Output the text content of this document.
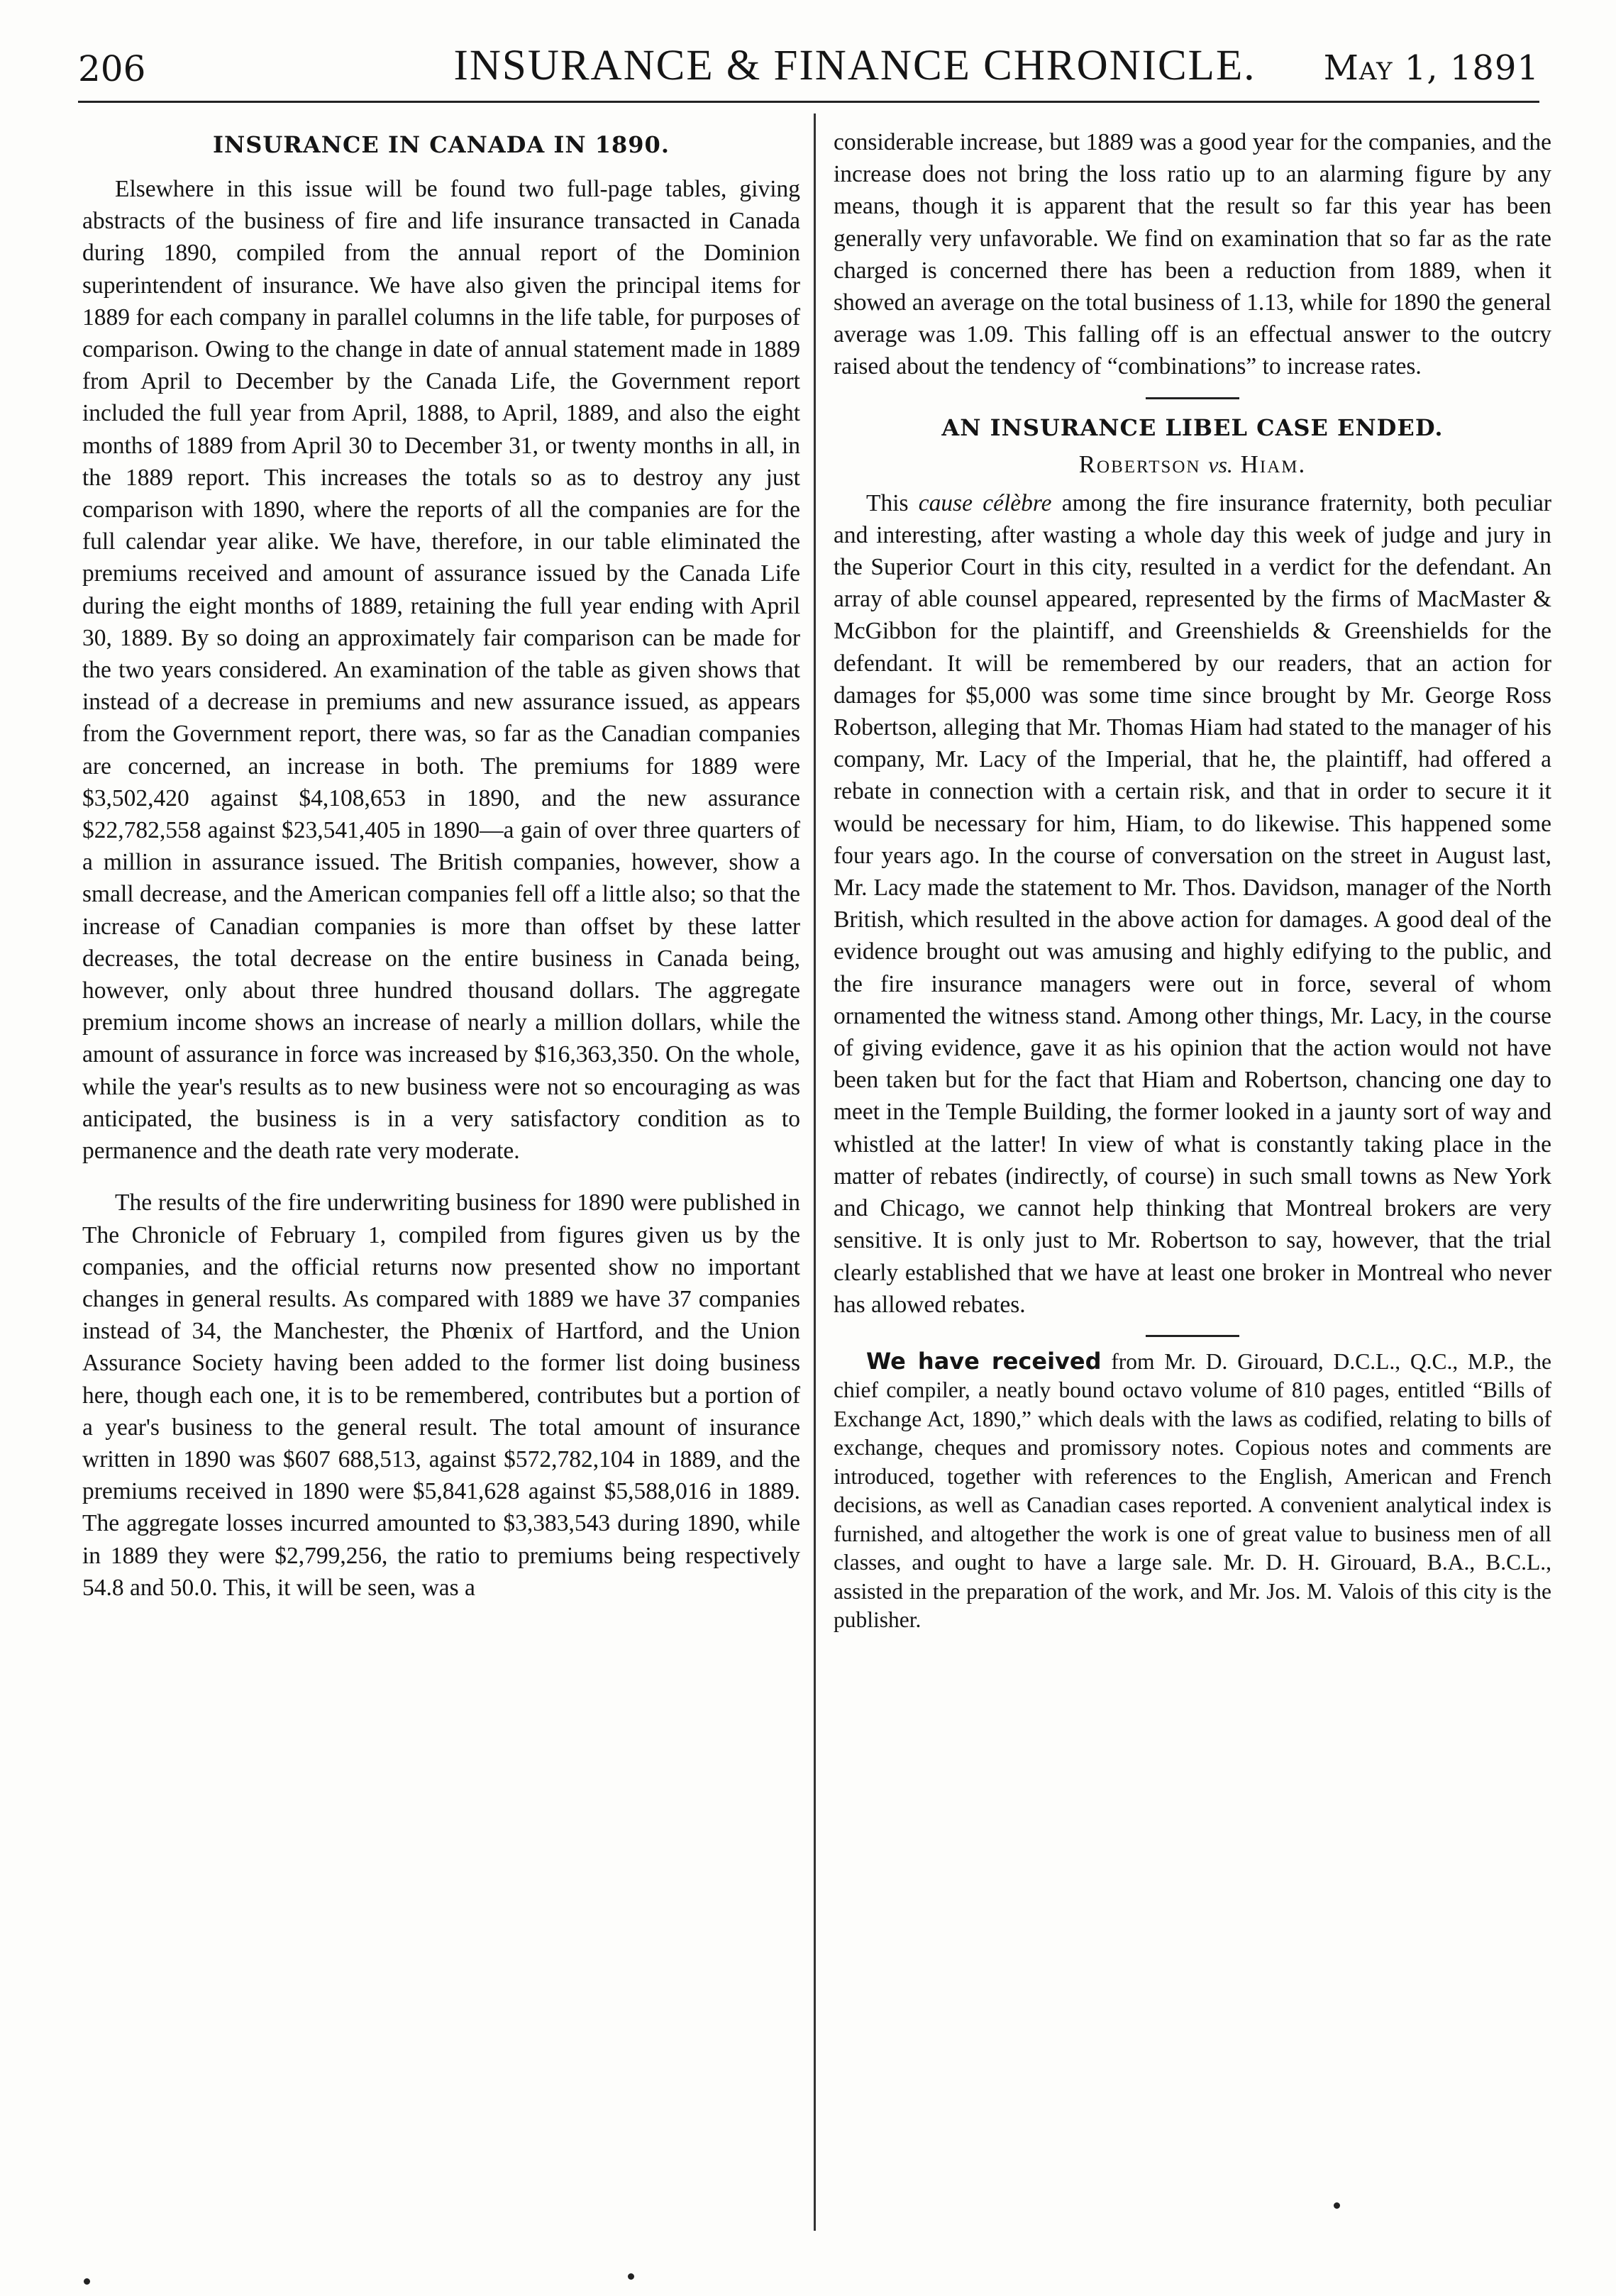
206	INSURANCE & FINANCE CHRONICLE. May 1, 1891
INSURANCE IN CANADA IN 1890.

Elsewhere in this issue will be found two full-page tables, giving abstracts of the business of fire and life insurance transacted in Canada during 1890, compiled from the annual report of the Dominion superintendent of insurance. We have also given the principal items for 1889 for each company in parallel columns in the life table, for purposes of comparison. Owing to the change in date of annual statement made in 1889 from April to December by the Canada Life, the Government report included the full year from April, 1888, to April, 1889, and also the eight months of 1889 from April 30 to December 31, or twenty months in all, in the 1889 report. This increases the totals so as to destroy any just comparison with 1890, where the reports of all the companies are for the full calendar year alike. We have, therefore, in our table eliminated the premiums received and amount of assurance issued by the Canada Life during the eight months of 1889, retaining the full year ending with April 30, 1889. By so doing an approximately fair comparison can be made for the two years considered. An examination of the table as given shows that instead of a decrease in premiums and new assurance issued, as appears from the Government report, there was, so far as the Canadian companies are concerned, an increase in both. The premiums for 1889 were $3,502,420 against $4,108,653 in 1890, and the new assurance $22,782,558 against $23,541,405 in 1890—a gain of over three quarters of a million in assurance issued. The British companies, however, show a small decrease, and the American companies fell off a little also; so that the increase of Canadian companies is more than offset by these latter decreases, the total decrease on the entire business in Canada being, however, only about three hundred thousand dollars. The aggregate premium income shows an increase of nearly a million dollars, while the amount of assurance in force was increased by $16,363,350. On the whole, while the year's results as to new business were not so encouraging as was anticipated, the business is in a very satisfactory condition as to permanence and the death rate very moderate.

The results of the fire underwriting business for 1890 were published in The Chronicle of February 1, compiled from figures given us by the companies, and the official returns now presented show no important changes in general results. As compared with 1889 we have 37 companies instead of 34, the Manchester, the Phœnix of Hartford, and the Union Assurance Society having been added to the former list doing business here, though each one, it is to be remembered, contributes but a portion of a year's business to the general result. The total amount of insurance written in 1890 was $607 688,513, against $572,782,104 in 1889, and the premiums received in 1890 were $5,841,628 against $5,588,016 in 1889. The aggregate losses incurred amounted to $3,383,543 during 1890, while in 1889 they were $2,799,256, the ratio to premiums being respectively 54.8 and 50.0. This, it will be seen, was a

considerable increase, but 1889 was a good year for the companies, and the increase does not bring the loss ratio up to an alarming figure by any means, though it is apparent that the result so far this year has been generally very unfavorable. We find on examination that so far as the rate charged is concerned there has been a reduction from 1889, when it showed an average on the total business of 1.13, while for 1890 the general average was 1.09. This falling off is an effectual answer to the outcry raised about the tendency of “combinations” to increase rates.

AN INSURANCE LIBEL CASE ENDED.
Robertson vs. Hiam.

This cause célèbre among the fire insurance fraternity, both peculiar and interesting, after wasting a whole day this week of judge and jury in the Superior Court in this city, resulted in a verdict for the defendant. An array of able counsel appeared, represented by the firms of MacMaster & McGibbon for the plaintiff, and Greenshields & Greenshields for the defendant. It will be remembered by our readers, that an action for damages for $5,000 was some time since brought by Mr. George Ross Robertson, alleging that Mr. Thomas Hiam had stated to the manager of his company, Mr. Lacy of the Imperial, that he, the plaintiff, had offered a rebate in connection with a certain risk, and that in order to secure it it would be necessary for him, Hiam, to do likewise. This happened some four years ago. In the course of conversation on the street in August last, Mr. Lacy made the statement to Mr. Thos. Davidson, manager of the North British, which resulted in the above action for damages. A good deal of the evidence brought out was amusing and highly edifying to the public, and the fire insurance managers were out in force, several of whom ornamented the witness stand. Among other things, Mr. Lacy, in the course of giving evidence, gave it as his opinion that the action would not have been taken but for the fact that Hiam and Robertson, chancing one day to meet in the Temple Building, the former looked in a jaunty sort of way and whistled at the latter! In view of what is constantly taking place in the matter of rebates (indirectly, of course) in such small towns as New York and Chicago, we cannot help thinking that Montreal brokers are very sensitive. It is only just to Mr. Robertson to say, however, that the trial clearly established that we have at least one broker in Montreal who never has allowed rebates.

We have received from Mr. D. Girouard, D.C.L., Q.C., M.P., the chief compiler, a neatly bound octavo volume of 810 pages, entitled “Bills of Exchange Act, 1890,” which deals with the laws as codified, relating to bills of exchange, cheques and promissory notes. Copious notes and comments are introduced, together with references to the English, American and French decisions, as well as Canadian cases reported. A convenient analytical index is furnished, and altogether the work is one of great value to business men of all classes, and ought to have a large sale. Mr. D. H. Girouard, B.A., B.C.L., assisted in the preparation of the work, and Mr. Jos. M. Valois of this city is the publisher.
